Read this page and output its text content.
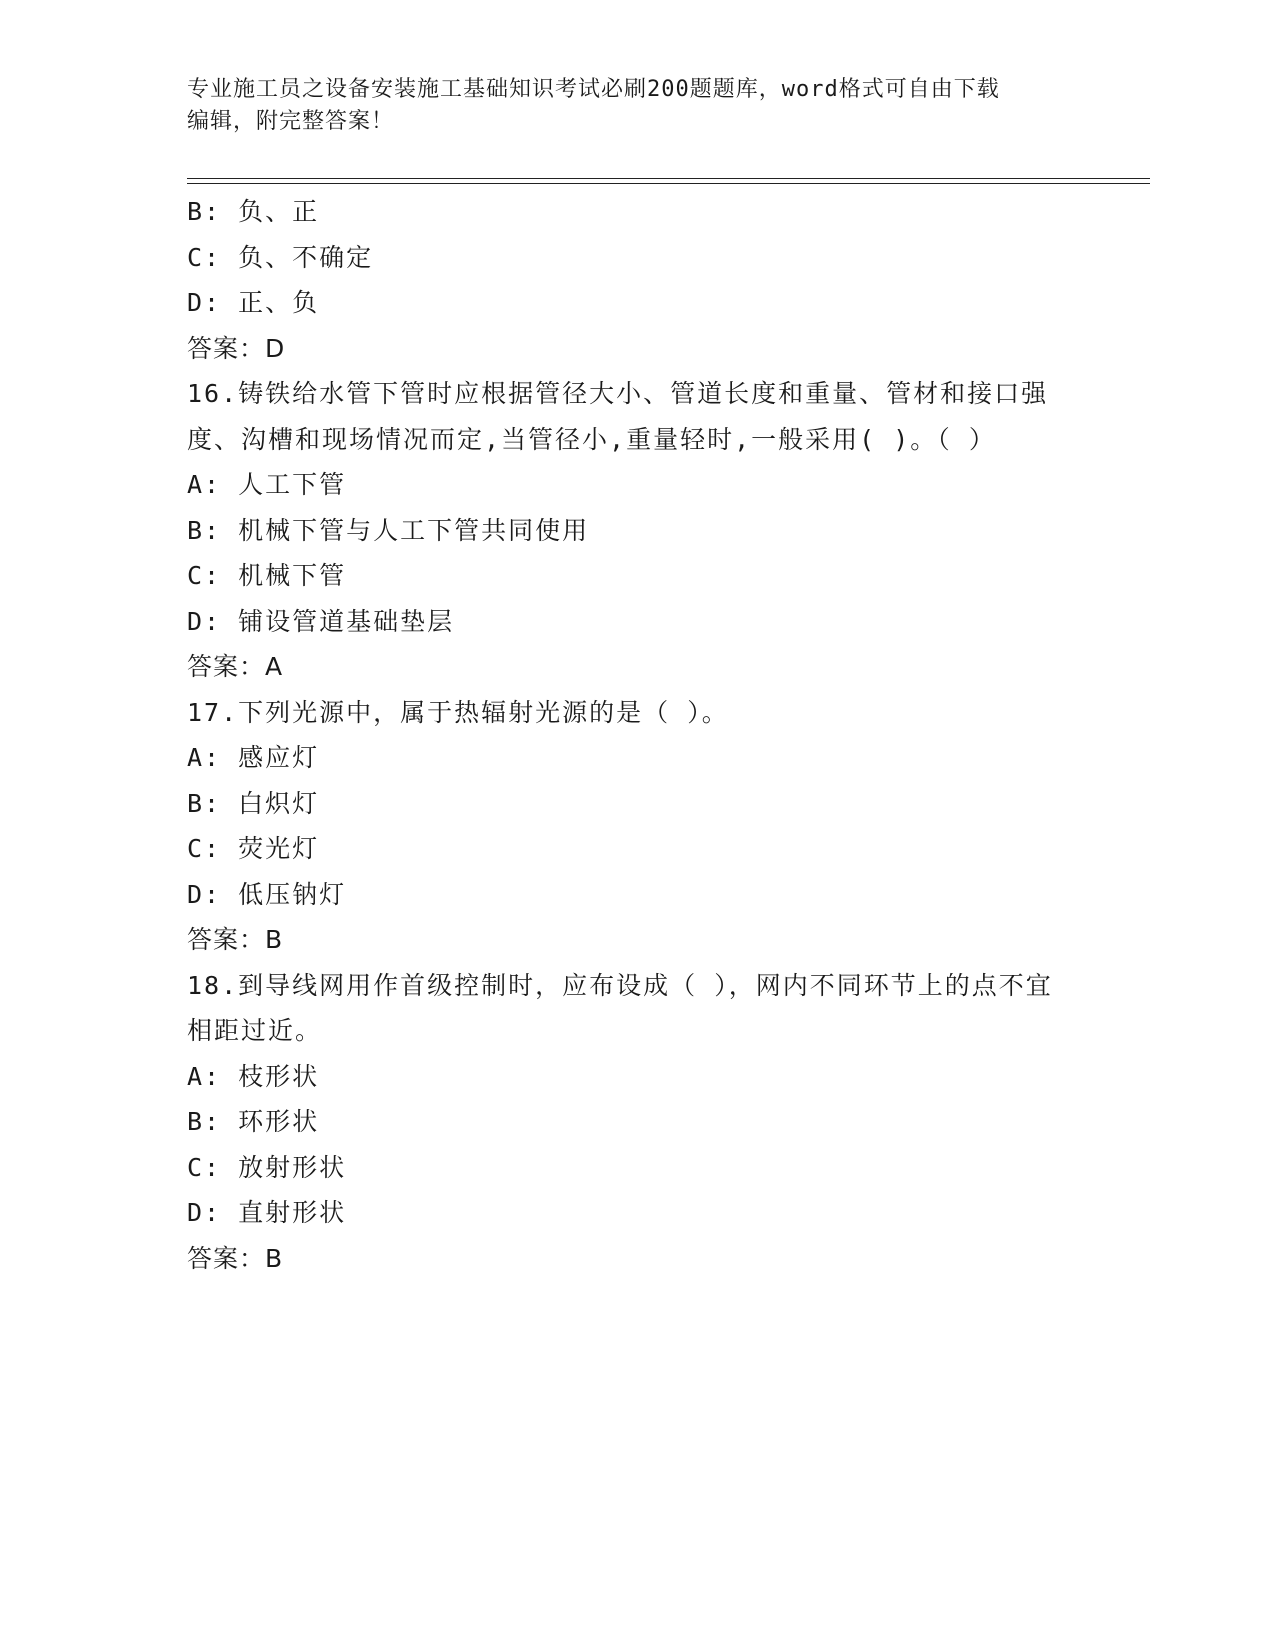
专业施工员之设备安装施工基础知识考试必刷200题题库，word格式可自由下载
编辑，附完整答案！
B: 负、正
C: 负、不确定
D: 正、负
答案：D
16.铸铁给水管下管时应根据管径大小、管道长度和重量、管材和接口强度、沟槽和现场情况而定,当管径小,重量轻时,一般采用( )。（ ）
A: 人工下管
B: 机械下管与人工下管共同使用
C: 机械下管
D: 铺设管道基础垫层
答案：A
17.下列光源中，属于热辐射光源的是（ ）。
A: 感应灯
B: 白炽灯
C: 荧光灯
D: 低压钠灯
答案：B
18.到导线网用作首级控制时，应布设成（ ），网内不同环节上的点不宜相距过近。
A: 枝形状
B: 环形状
C: 放射形状
D: 直射形状
答案：B
